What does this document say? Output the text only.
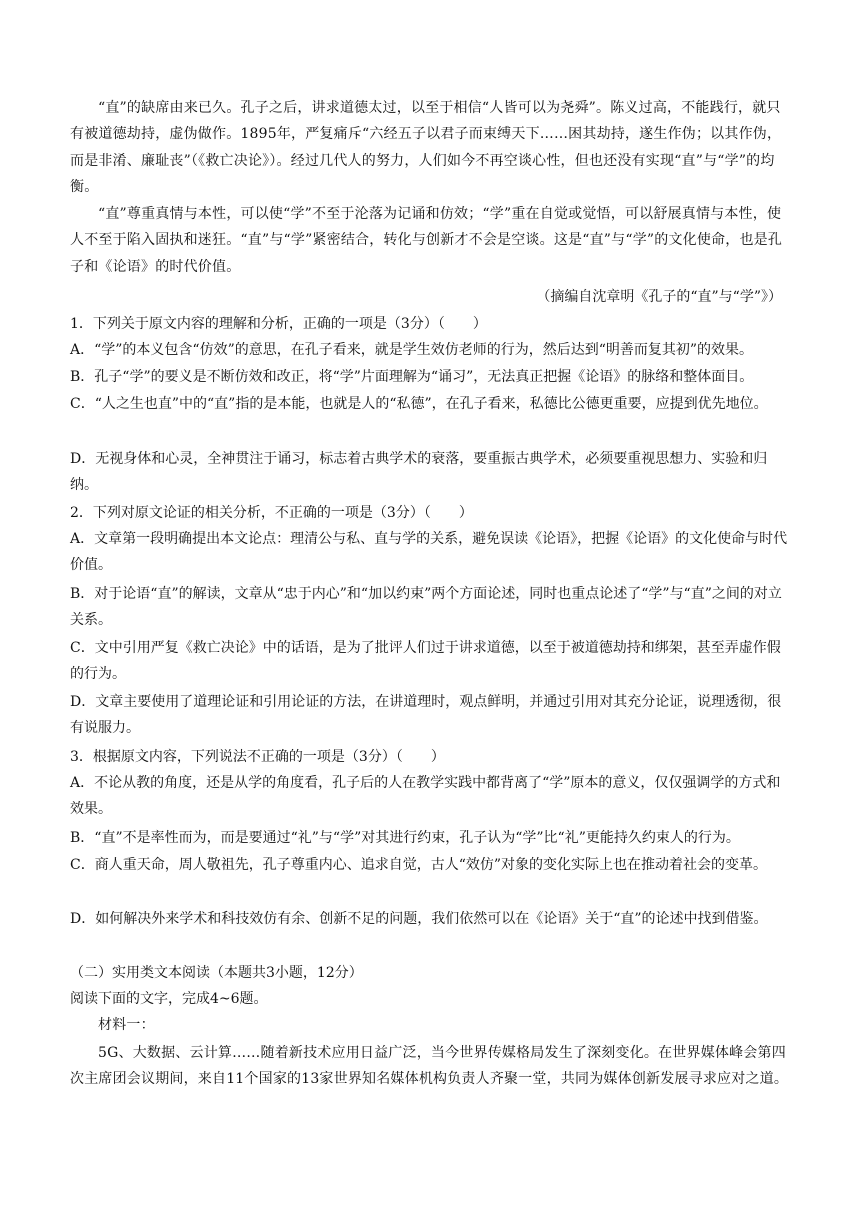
“直”的缺席由来已久。孔子之后，讲求道德太过，以至于相信“人皆可以为尧舜”。陈义过高，不能践行，就只有被道德劫持，虚伪做作。1895年，严复痛斥“六经五子以君子而束缚天下……困其劫持，遂生作伪；以其作伪，而是非淆、廉耻丧”（《救亡决论》）。经过几代人的努力，人们如今不再空谈心性，但也还没有实现“直”与“学”的均衡。
“直”尊重真情与本性，可以使“学”不至于沦落为记诵和仿效；“学”重在自觉或觉悟，可以舒展真情与本性，使人不至于陷入固执和迷狂。“直”与“学”紧密结合，转化与创新才不会是空谈。这是“直”与“学”的文化使命，也是孔子和《论语》的时代价值。
（摘编自沈章明《孔子的“直”与“学”》）
1．下列关于原文内容的理解和分析，正确的一项是（3分）（　　）
A．“学”的本义包含“仿效”的意思，在孔子看来，就是学生效仿老师的行为，然后达到“明善而复其初”的效果。
B．孔子“学”的要义是不断仿效和改正，将“学”片面理解为“诵习”，无法真正把握《论语》的脉络和整体面目。
C．“人之生也直”中的“直”指的是本能，也就是人的“私德”，在孔子看来，私德比公德更重要，应提到优先地位。
D．无视身体和心灵，全神贯注于诵习，标志着古典学术的衰落，要重振古典学术，必须要重视思想力、实验和归纳。
2．下列对原文论证的相关分析，不正确的一项是（3分）（　　）
A．文章第一段明确提出本文论点：理清公与私、直与学的关系，避免误读《论语》，把握《论语》的文化使命与时代价值。
B．对于论语“直”的解读，文章从“忠于内心”和“加以约束”两个方面论述，同时也重点论述了“学”与“直”之间的对立关系。
C．文中引用严复《救亡决论》中的话语，是为了批评人们过于讲求道德，以至于被道德劫持和绑架，甚至弄虚作假的行为。
D．文章主要使用了道理论证和引用论证的方法，在讲道理时，观点鲜明，并通过引用对其充分论证，说理透彻，很有说服力。
3．根据原文内容，下列说法不正确的一项是（3分）（　　）
A．不论从教的角度，还是从学的角度看，孔子后的人在教学实践中都背离了“学”原本的意义，仅仅强调学的方式和效果。
B．“直”不是率性而为，而是要通过“礼”与“学”对其进行约束，孔子认为“学”比“礼”更能持久约束人的行为。
C．商人重天命，周人敬祖先，孔子尊重内心、追求自觉，古人“效仿”对象的变化实际上也在推动着社会的变革。
D．如何解决外来学术和科技效仿有余、创新不足的问题，我们依然可以在《论语》关于“直”的论述中找到借鉴。
（二）实用类文本阅读（本题共3小题，12分）
阅读下面的文字，完成4~6题。
材料一：
5G、大数据、云计算……随着新技术应用日益广泛，当今世界传媒格局发生了深刻变化。在世界媒体峰会第四次主席团会议期间，来自11个国家的13家世界知名媒体机构负责人齐聚一堂，共同为媒体创新发展寻求应对之道。
